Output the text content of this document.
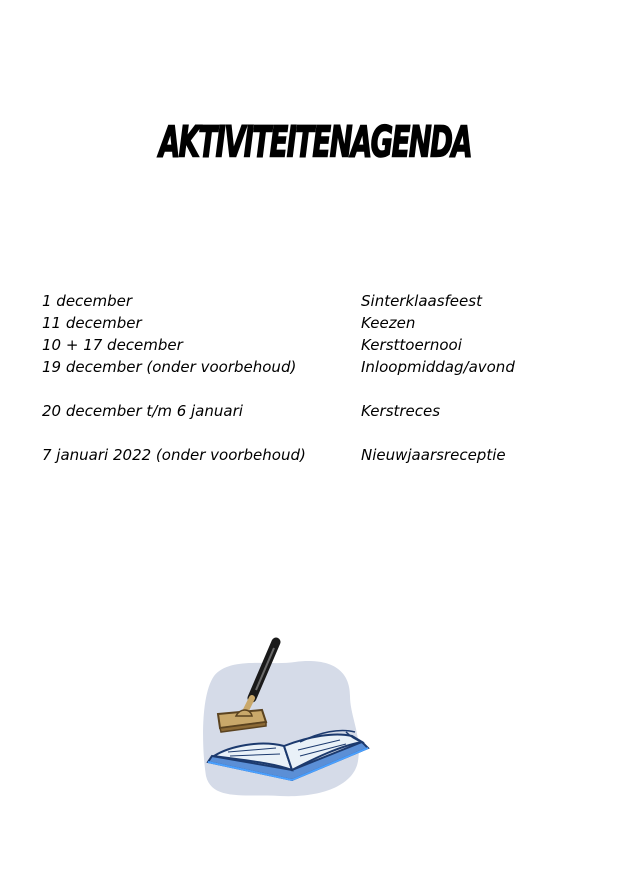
AKTIVITEITENAGENDA
1 december	Sinterklaasfeest
11 december	Keezen
10 + 17 december	Kersttoernooi
19 december (onder voorbehoud)	Inloopmiddag/avond
20 december t/m 6 januari	Kerstreces
7 januari 2022 (onder voorbehoud)	Nieuwjaarsreceptie
